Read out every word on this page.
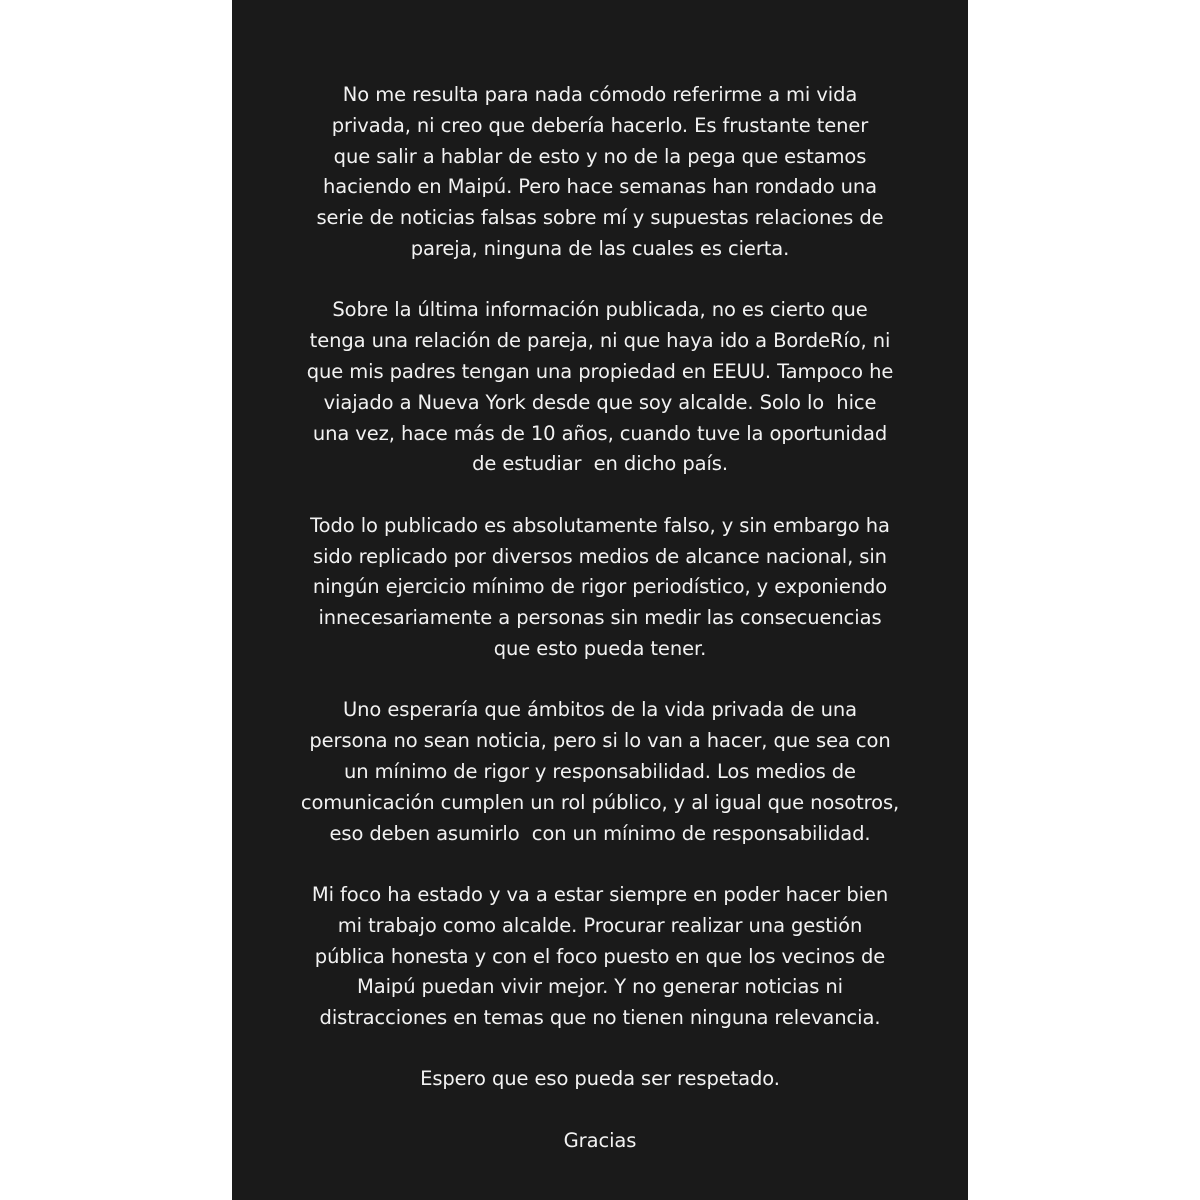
No me resulta para nada cómodo referirme a mi vida
privada, ni creo que debería hacerlo. Es frustante tener
que salir a hablar de esto y no de la pega que estamos
haciendo en Maipú. Pero hace semanas han rondado una
serie de noticias falsas sobre mí y supuestas relaciones de
pareja, ninguna de las cuales es cierta.

Sobre la última información publicada, no es cierto que
tenga una relación de pareja, ni que haya ido a BordeRío, ni
que mis padres tengan una propiedad en EEUU. Tampoco he
viajado a Nueva York desde que soy alcalde. Solo lo  hice
una vez, hace más de 10 años, cuando tuve la oportunidad
de estudiar  en dicho país.

Todo lo publicado es absolutamente falso, y sin embargo ha
sido replicado por diversos medios de alcance nacional, sin
ningún ejercicio mínimo de rigor periodístico, y exponiendo
innecesariamente a personas sin medir las consecuencias
que esto pueda tener.

Uno esperaría que ámbitos de la vida privada de una
persona no sean noticia, pero si lo van a hacer, que sea con
un mínimo de rigor y responsabilidad. Los medios de
comunicación cumplen un rol público, y al igual que nosotros,
eso deben asumirlo  con un mínimo de responsabilidad.

Mi foco ha estado y va a estar siempre en poder hacer bien
mi trabajo como alcalde. Procurar realizar una gestión
pública honesta y con el foco puesto en que los vecinos de
Maipú puedan vivir mejor. Y no generar noticias ni
distracciones en temas que no tienen ninguna relevancia.

Espero que eso pueda ser respetado.

Gracias
